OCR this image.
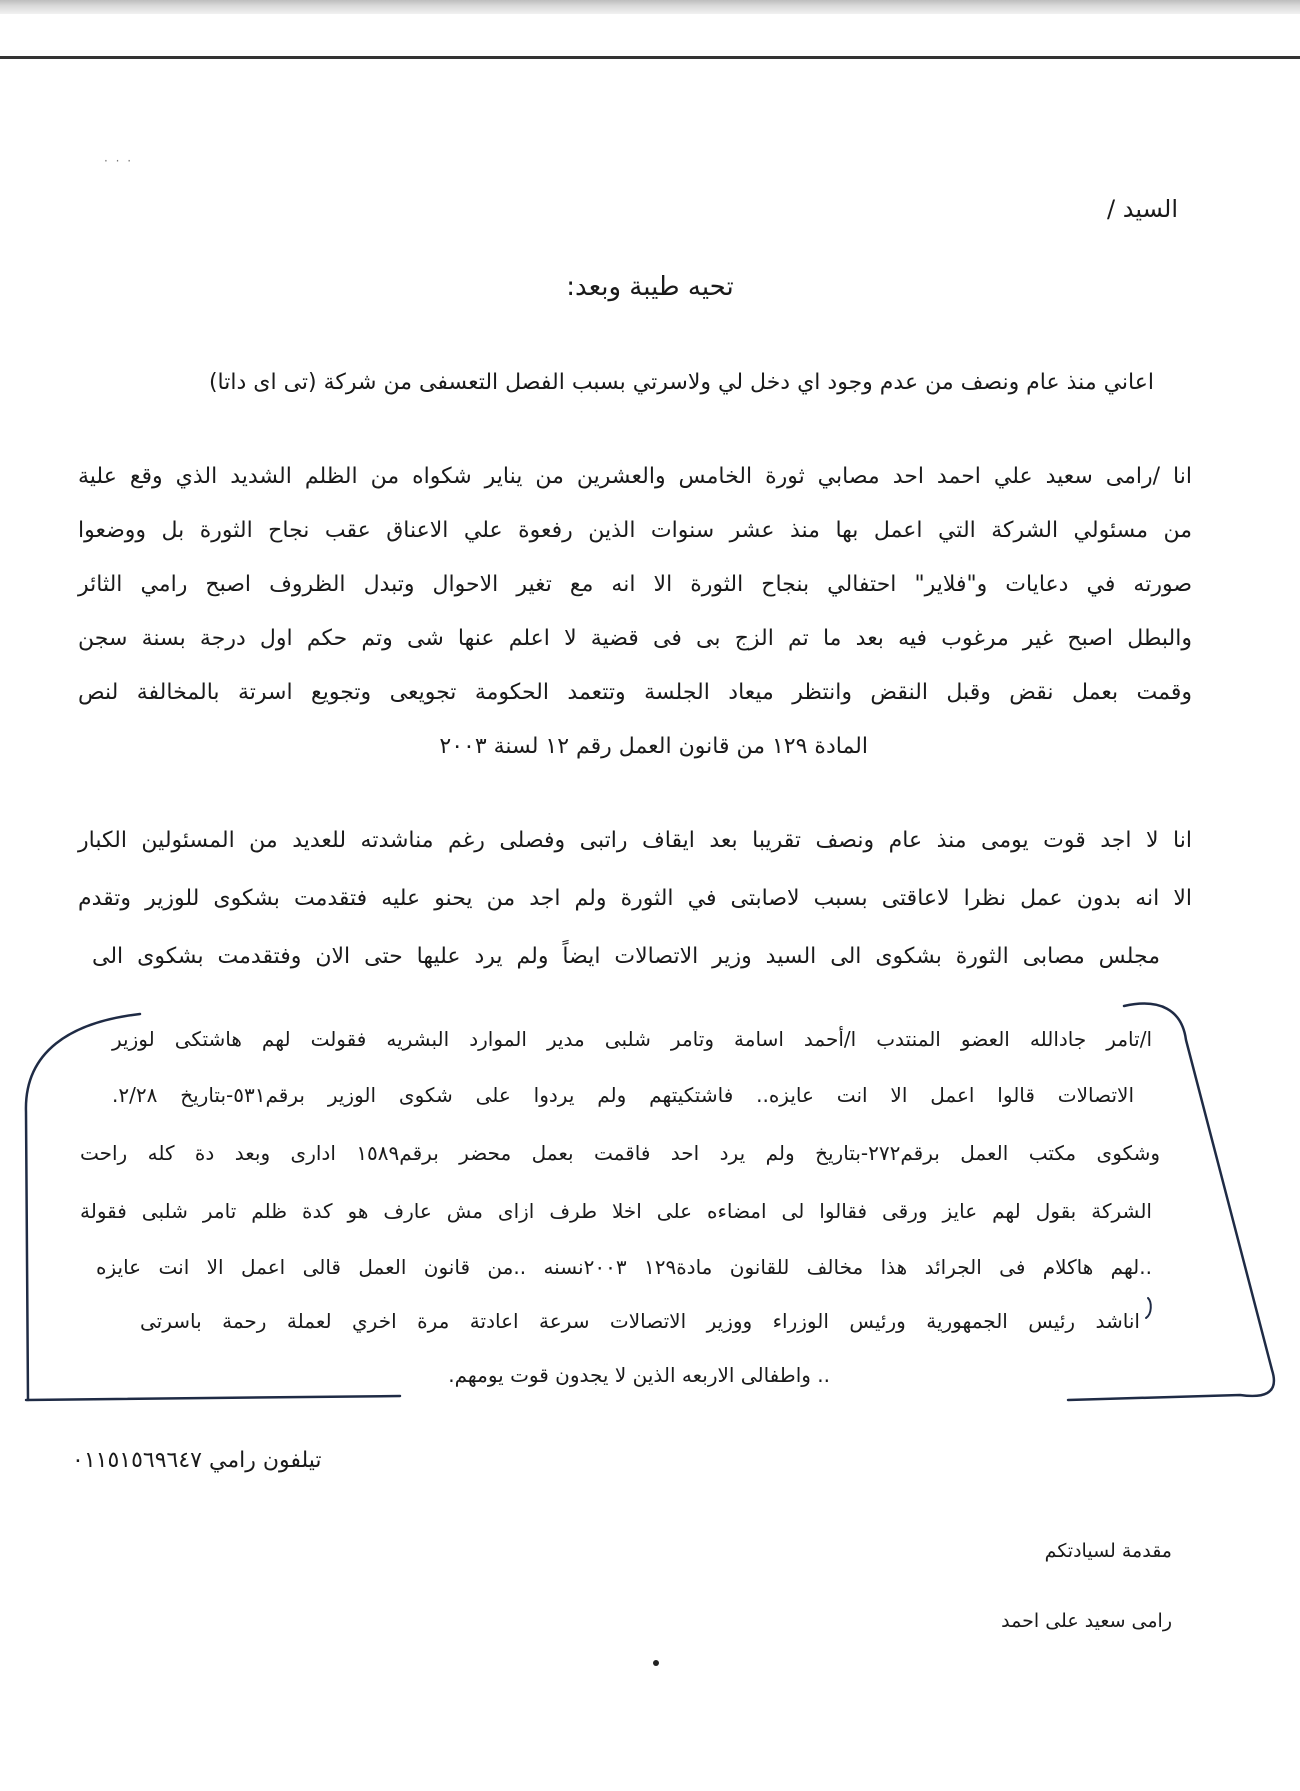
· · ·
السيد /
تحيه طيبة وبعد:
اعاني منذ عام ونصف من عدم وجود اي دخل لي ولاسرتي بسبب الفصل التعسفى من شركة (تى اى داتا)
انا /رامى سعيد علي احمد احد مصابي ثورة الخامس والعشرين من يناير شكواه من الظلم الشديد الذي وقع علية
من مسئولي الشركة التي اعمل بها منذ عشر سنوات الذين رفعوة علي الاعناق عقب نجاح الثورة بل ووضعوا
صورته في دعايات و"فلاير" احتفالي بنجاح الثورة الا انه مع تغير الاحوال وتبدل الظروف اصبح رامي الثائر
والبطل اصبح غير مرغوب فيه بعد ما تم الزج بى فى قضية لا اعلم عنها شى وتم حكم اول درجة بسنة سجن
وقمت بعمل نقض وقبل النقض وانتظر ميعاد الجلسة وتتعمد الحكومة تجويعى وتجويع اسرتة بالمخالفة لنص
المادة ١٢٩ من قانون العمل رقم ١٢ لسنة ٢٠٠٣
انا لا اجد قوت يومى منذ عام ونصف تقريبا بعد ايقاف راتبى وفصلى رغم مناشدته للعديد من المسئولين الكبار
الا انه بدون عمل نظرا لاعاقتى بسبب لاصابتى في الثورة ولم اجد من يحنو عليه فتقدمت بشكوى للوزير وتقدم
مجلس مصابى الثورة بشكوى الى السيد وزير الاتصالات ايضاً ولم يرد عليها حتى الان وفتقدمت بشكوى الى
ا/تامر جادالله العضو المنتدب ا/أحمد اسامة وتامر شلبى مدير الموارد البشريه فقولت لهم هاشتكى لوزير
الاتصالات قالوا اعمل الا انت عايزه.. فاشتكيتهم ولم يردوا على شكوى الوزير برقم٥٣١-بتاريخ ٢/٢٨.
وشكوى مكتب العمل برقم٢٧٢-بتاريخ ولم يرد احد فاقمت بعمل محضر برقم١٥٨٩ ادارى وبعد دة كله راحت
الشركة بقول لهم عايز ورقى فقالوا لى امضاءه على اخلا طرف ازاى مش عارف هو كدة ظلم تامر شلبى فقولة
..لهم هاكلام فى الجرائد هذا مخالف للقانون مادة١٢٩ ٢٠٠٣نسنه ..من قانون العمل قالى اعمل الا انت عايزه
اناشد رئيس الجمهورية ورئيس الوزراء ووزير الاتصالات سرعة اعادتة مرة اخري لعملة رحمة باسرتى
.. واطفالى الاربعه الذين لا يجدون قوت يومهم.
تيلفون رامي ٠١١٥١٥٦٩٦٤٧
مقدمة لسيادتكم
رامى سعيد على احمد
